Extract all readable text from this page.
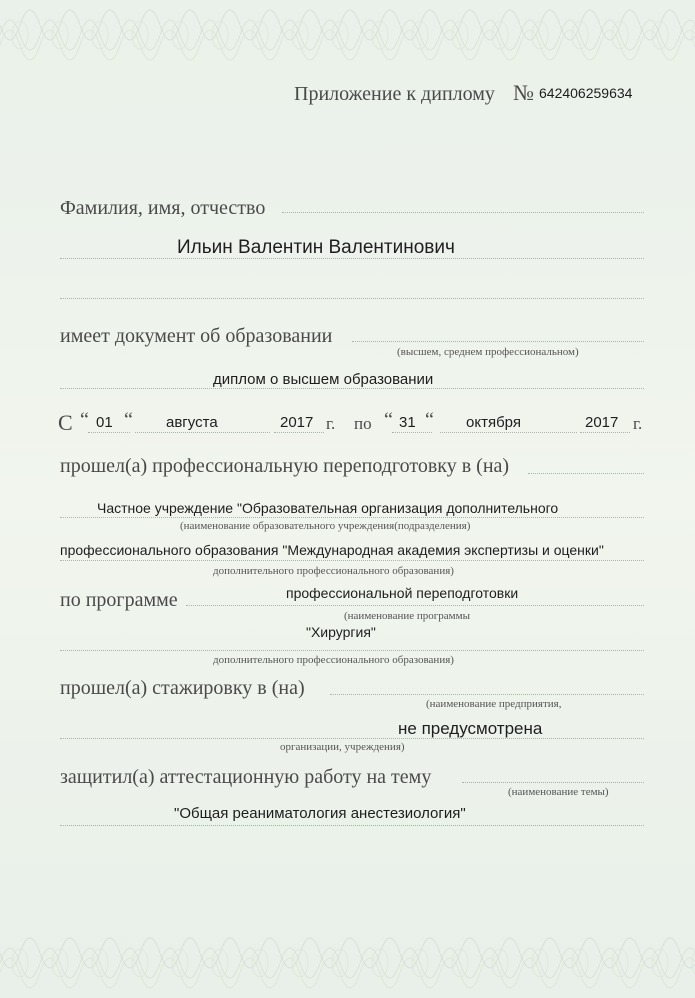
Приложение к диплому № 642406259634
Фамилия, имя, отчество
Ильин Валентин Валентинович
имеет документ об образовании
(высшем, среднем профессиональном)
диплом о высшем образовании
С “ 01 “ августа	2017 г. по “ 31 “ октября	2017 г.
прошел(а) профессиональную переподготовку в (на)
Частное учреждение "Образовательная организация дополнительного
(наименование образовательного учреждения(подразделения)
профессионального образования "Международная академия экспертизы и оценки"
дополнительного профессионального образования)
по программе	профессиональной переподготовки
(наименование программы
"Хирургия"
дополнительного профессионального образования)
прошел(а) стажировку в (на)
(наименование предприятия,
не предусмотрена
организации, учреждения)
защитил(а) аттестационную работу на тему
(наименование темы)
"Общая реаниматология анестезиология"
